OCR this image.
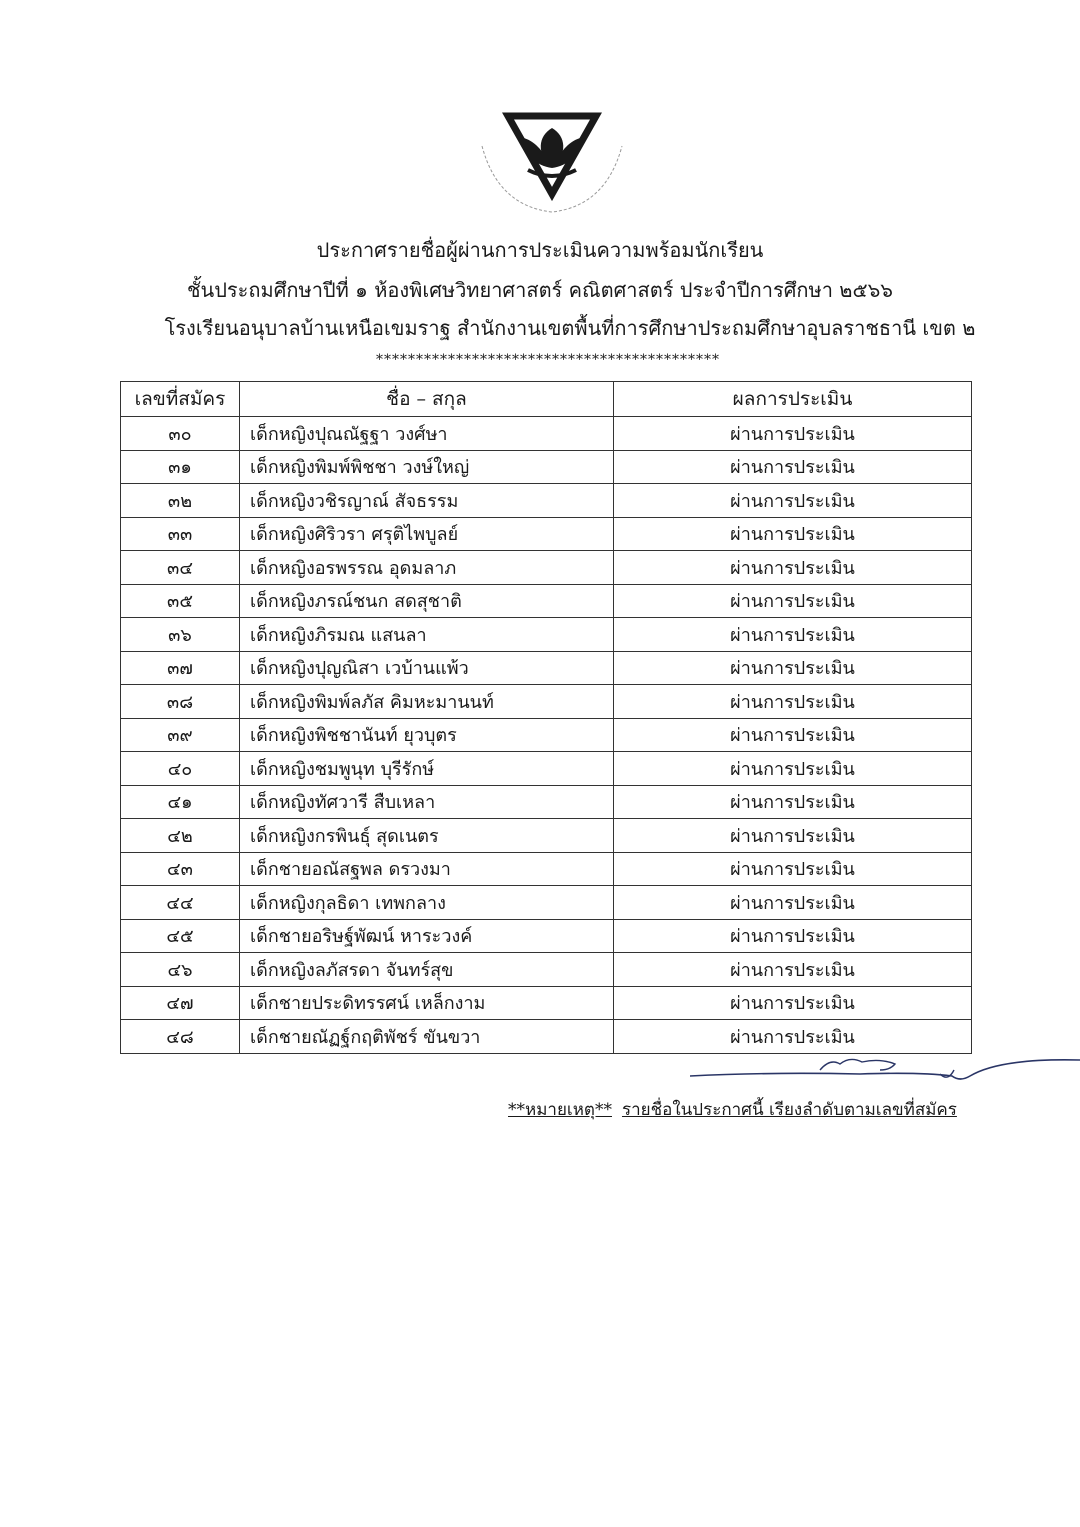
ประกาศรายชื่อผู้ผ่านการประเมินความพร้อมนักเรียน
ชั้นประถมศึกษาปีที่ ๑ ห้องพิเศษวิทยาศาสตร์ คณิตศาสตร์ ประจำปีการศึกษา ๒๕๖๖
โรงเรียนอนุบาลบ้านเหนือเขมราฐ สำนักงานเขตพื้นที่การศึกษาประถมศึกษาอุบลราชธานี เขต ๒
*******************************************
เลขที่สมัคร	ชื่อ – สกุล	ผลการประเมิน
๓๐	เด็กหญิงปุณณัฐฐา วงศ์ษา	ผ่านการประเมิน
๓๑	เด็กหญิงพิมพ์พิชชา วงษ์ใหญ่	ผ่านการประเมิน
๓๒	เด็กหญิงวชิรญาณ์ สัจธรรม	ผ่านการประเมิน
๓๓	เด็กหญิงศิริวรา ศรุติไพบูลย์	ผ่านการประเมิน
๓๔	เด็กหญิงอรพรรณ อุดมลาภ	ผ่านการประเมิน
๓๕	เด็กหญิงภรณ์ชนก สดสุชาติ	ผ่านการประเมิน
๓๖	เด็กหญิงภิรมณ แสนลา	ผ่านการประเมิน
๓๗	เด็กหญิงปุญณิสา เวบ้านแพ้ว	ผ่านการประเมิน
๓๘	เด็กหญิงพิมพ์ลภัส คิมหะมานนท์	ผ่านการประเมิน
๓๙	เด็กหญิงพิชชานันท์ ยุวบุตร	ผ่านการประเมิน
๔๐	เด็กหญิงชมพูนุท บุรีรักษ์	ผ่านการประเมิน
๔๑	เด็กหญิงทัศวารี สืบเหลา	ผ่านการประเมิน
๔๒	เด็กหญิงกรพินธุ์ สุดเนตร	ผ่านการประเมิน
๔๓	เด็กชายอณัสฐพล ดรวงมา	ผ่านการประเมิน
๔๔	เด็กหญิงกุลธิดา เทพกลาง	ผ่านการประเมิน
๔๕	เด็กชายอริษฐ์พัฒน์ หาระวงค์	ผ่านการประเมิน
๔๖	เด็กหญิงลภัสรดา จันทร์สุข	ผ่านการประเมิน
๔๗	เด็กชายประดิทรรศน์ เหล็กงาม	ผ่านการประเมิน
๔๘	เด็กชายณัฏฐ์กฤติพัชร์ ขันขวา	ผ่านการประเมิน
**หมายเหตุ** รายชื่อในประกาศนี้ เรียงลำดับตามเลขที่สมัคร
